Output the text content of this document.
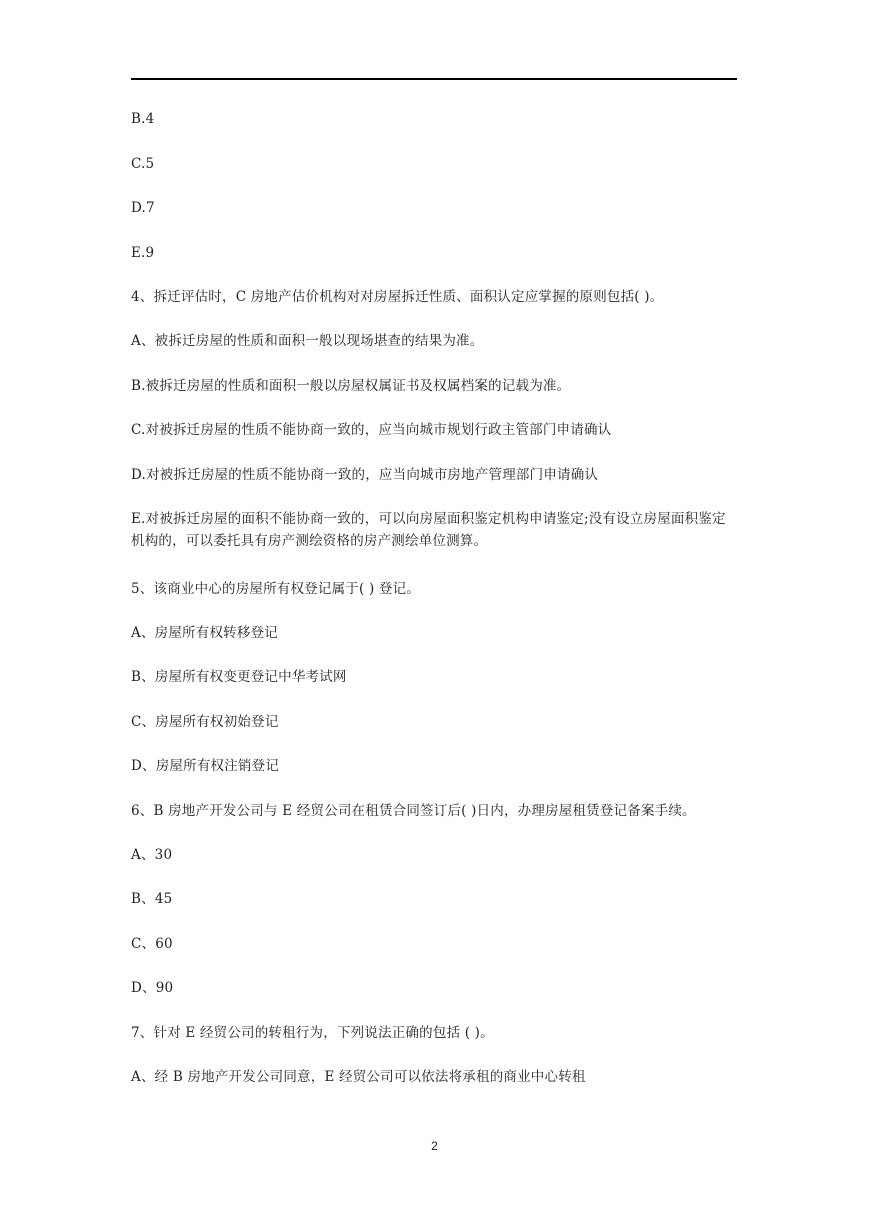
B.4
C.5
D.7
E.9
4、拆迁评估时，C 房地产估价机构对对房屋拆迁性质、面积认定应掌握的原则包括( )。
A、被拆迁房屋的性质和面积一般以现场堪查的结果为准。
B.被拆迁房屋的性质和面积一般以房屋权属证书及权属档案的记载为准。
C.对被拆迁房屋的性质不能协商一致的，应当向城市规划行政主管部门申请确认
D.对被拆迁房屋的性质不能协商一致的，应当向城市房地产管理部门申请确认
E.对被拆迁房屋的面积不能协商一致的，可以向房屋面积鉴定机构申请鉴定;没有设立房屋面积鉴定机构的，可以委托具有房产测绘资格的房产测绘单位测算。
5、该商业中心的房屋所有权登记属于( ) 登记。
A、房屋所有权转移登记
B、房屋所有权变更登记中华考试网
C、房屋所有权初始登记
D、房屋所有权注销登记
6、B 房地产开发公司与 E 经贸公司在租赁合同签订后( )日内，办理房屋租赁登记备案手续。
A、30
B、45
C、60
D、90
7、针对 E 经贸公司的转租行为，下列说法正确的包括 ( )。
A、经 B 房地产开发公司同意，E 经贸公司可以依法将承租的商业中心转租
2
